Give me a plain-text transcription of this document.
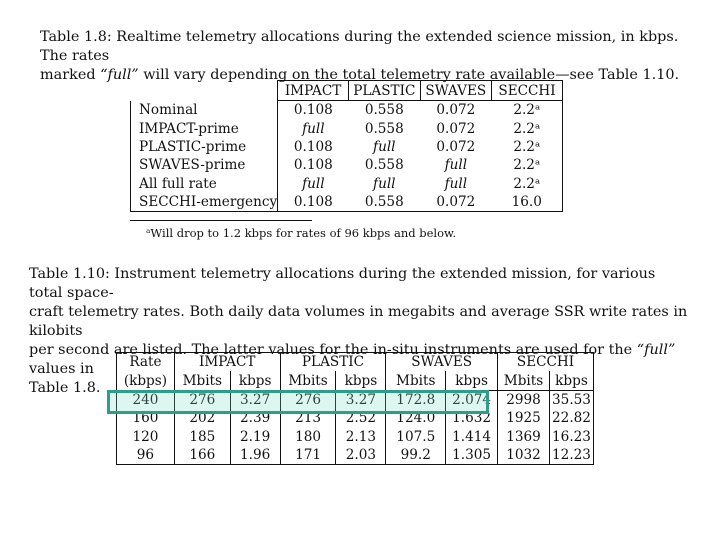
Table 1.8: Realtime telemetry allocations during the extended science mission, in kbps. The rates
marked “full” will vary depending on the total telemetry rate available—see Table 1.10.
	IMPACT	PLASTIC	SWAVES	SECCHI
Nominal	0.108	0.558	0.072	2.2ᵃ
IMPACT-prime	full	0.558	0.072	2.2ᵃ
PLASTIC-prime	0.108	full	0.072	2.2ᵃ
SWAVES-prime	0.108	0.558	full	2.2ᵃ
All full rate	full	full	full	2.2ᵃ
SECCHI-emergency	0.108	0.558	0.072	16.0
ᵃWill drop to 1.2 kbps for rates of 96 kbps and below.
Table 1.10: Instrument telemetry allocations during the extended mission, for various total space-
craft telemetry rates. Both daily data volumes in megabits and average SSR write rates in kilobits
per second are listed. The latter values for the in-situ instruments are used for the “full” values in
Table 1.8.
Rate	IMPACT		PLASTIC		SWAVES		SECCHI	
(kbps)	Mbits	kbps	Mbits	kbps	Mbits	kbps	Mbits	kbps
240	276	3.27	276	3.27	172.8	2.074	2998	35.53
160	202	2.39	213	2.52	124.0	1.632	1925	22.82
120	185	2.19	180	2.13	107.5	1.414	1369	16.23
96	166	1.96	171	2.03	99.2	1.305	1032	12.23
